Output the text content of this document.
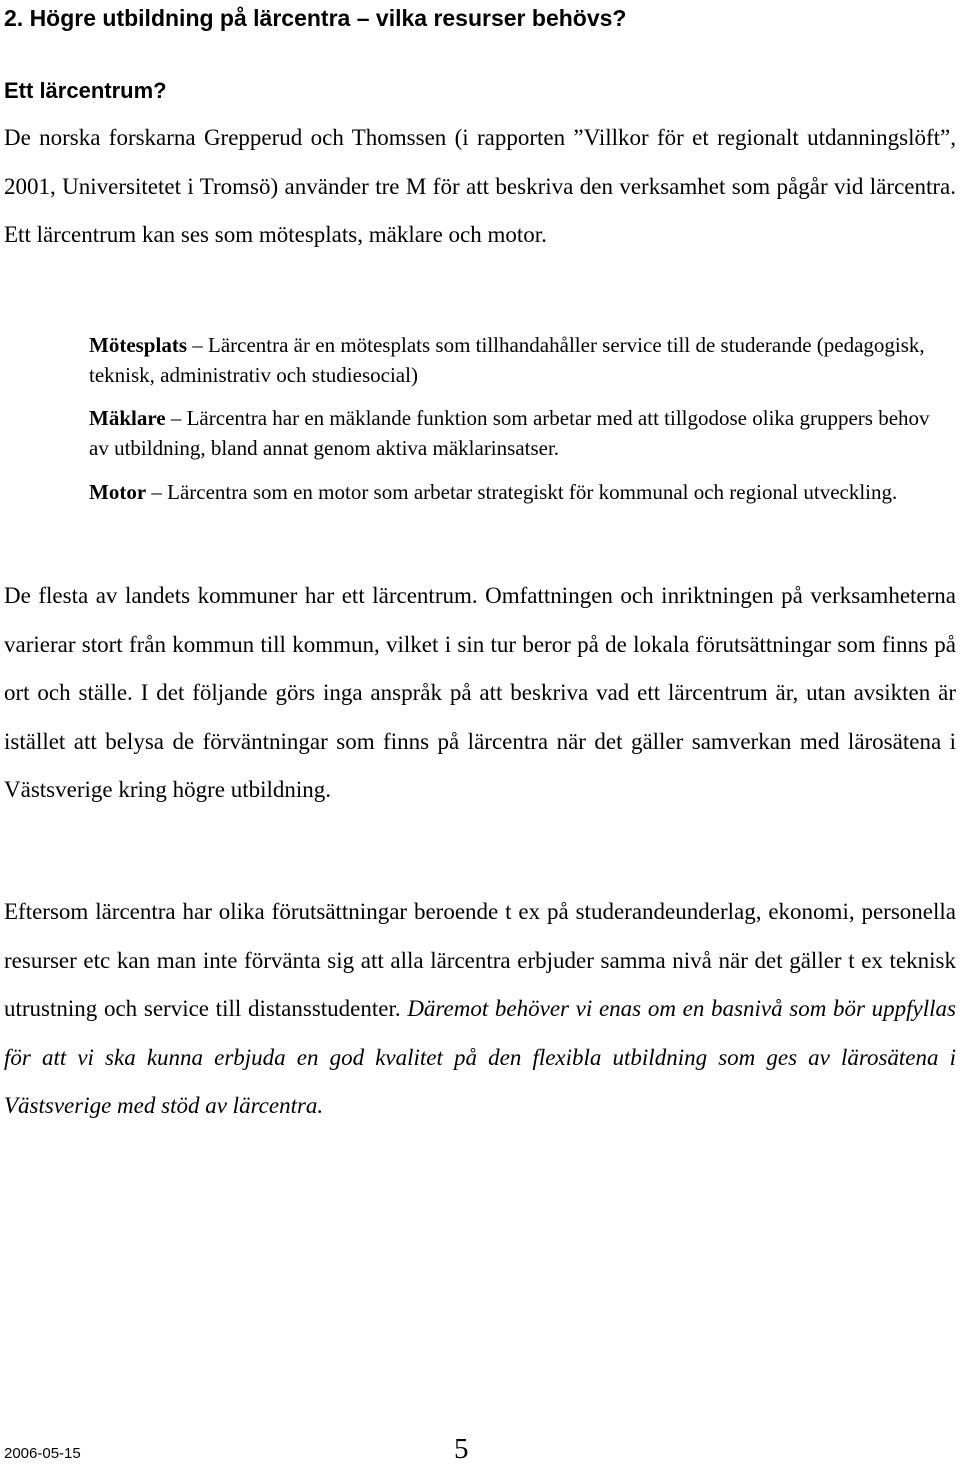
2. Högre utbildning på lärcentra – vilka resurser behövs?
Ett lärcentrum?

De norska forskarna Grepperud och Thomssen (i rapporten ”Villkor för et regionalt utdanningslöft”, 2001, Universitetet i Tromsö) använder tre M för att beskriva den verksamhet som pågår vid lärcentra. Ett lärcentrum kan ses som mötesplats, mäklare och motor.

Mötesplats – Lärcentra är en mötesplats som tillhandahåller service till de studerande (pedagogisk, teknisk, administrativ och studiesocial)

Mäklare – Lärcentra har en mäklande funktion som arbetar med att tillgodose olika gruppers behov av utbildning, bland annat genom aktiva mäklarinsatser.

Motor – Lärcentra som en motor som arbetar strategiskt för kommunal och regional utveckling.

De flesta av landets kommuner har ett lärcentrum. Omfattningen och inriktningen på verksamheterna varierar stort från kommun till kommun, vilket i sin tur beror på de lokala förutsättningar som finns på ort och ställe. I det följande görs inga anspråk på att beskriva vad ett lärcentrum är, utan avsikten är istället att belysa de förväntningar som finns på lärcentra när det gäller samverkan med lärosätena i Västsverige kring högre utbildning.

Eftersom lärcentra har olika förutsättningar beroende t ex på studerandeunderlag, ekonomi, personella resurser etc kan man inte förvänta sig att alla lärcentra erbjuder samma nivå när det gäller t ex teknisk utrustning och service till distansstudenter. Däremot behöver vi enas om en basnivå som bör uppfyllas för att vi ska kunna erbjuda en god kvalitet på den flexibla utbildning som ges av lärosätena i Västsverige med stöd av lärcentra.

2006-05-15	5
